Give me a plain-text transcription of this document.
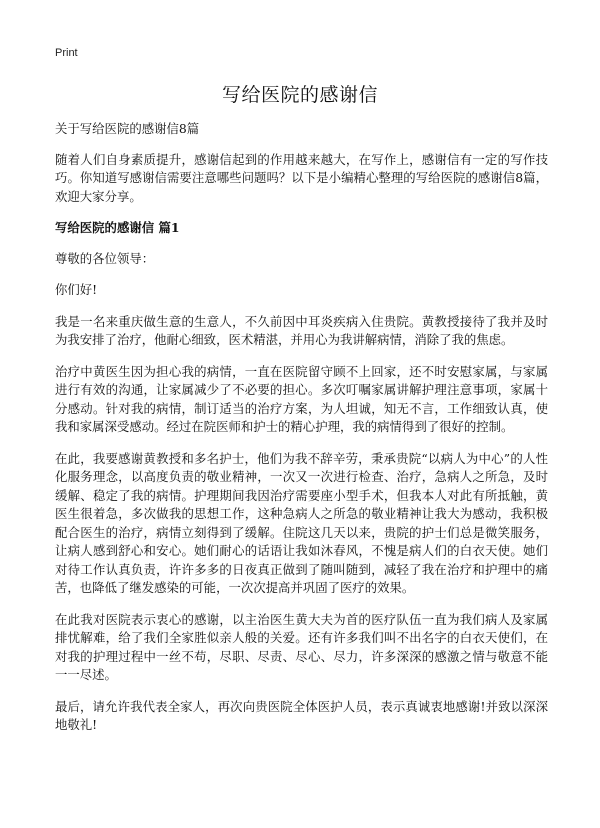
Print
写给医院的感谢信

关于写给医院的感谢信8篇

随着人们自身素质提升，感谢信起到的作用越来越大，在写作上，感谢信有一定的写作技巧。你知道写感谢信需要注意哪些问题吗？以下是小编精心整理的写给医院的感谢信8篇，欢迎大家分享。

写给医院的感谢信 篇1

尊敬的各位领导：

你们好!

我是一名来重庆做生意的生意人，不久前因中耳炎疾病入住贵院。黄教授接待了我并及时为我安排了治疗，他耐心细致，医术精湛，并用心为我讲解病情，消除了我的焦虑。

治疗中黄医生因为担心我的病情，一直在医院留守顾不上回家，还不时安慰家属，与家属进行有效的沟通，让家属减少了不必要的担心。多次叮嘱家属讲解护理注意事项，家属十分感动。针对我的病情，制订适当的治疗方案，为人坦诚，知无不言，工作细致认真，使我和家属深受感动。经过在院医师和护士的精心护理，我的病情得到了很好的控制。

在此，我要感谢黄教授和多名护士，他们为我不辞辛劳，秉承贵院“以病人为中心”的人性化服务理念，以高度负责的敬业精神，一次又一次进行检查、治疗，急病人之所急，及时缓解、稳定了我的病情。护理期间我因治疗需要座小型手术，但我本人对此有所抵触，黄医生很着急，多次做我的思想工作，这种急病人之所急的敬业精神让我大为感动，我积极配合医生的治疗，病情立刻得到了缓解。住院这几天以来，贵院的护士们总是微笑服务，让病人感到舒心和安心。她们耐心的话语让我如沐春风，不愧是病人们的白衣天使。她们对待工作认真负责，许许多多的日夜真正做到了随叫随到，减轻了我在治疗和护理中的痛苦，也降低了继发感染的可能，一次次提高并巩固了医疗的效果。

在此我对医院表示衷心的感谢，以主治医生黄大夫为首的医疗队伍一直为我们病人及家属排忧解难，给了我们全家胜似亲人般的关爱。还有许多我们叫不出名字的白衣天使们，在对我的护理过程中一丝不苟，尽职、尽责、尽心、尽力，许多深深的感激之情与敬意不能一一尽述。

最后，请允许我代表全家人，再次向贵医院全体医护人员，表示真诚衷地感谢!并致以深深地敬礼!
